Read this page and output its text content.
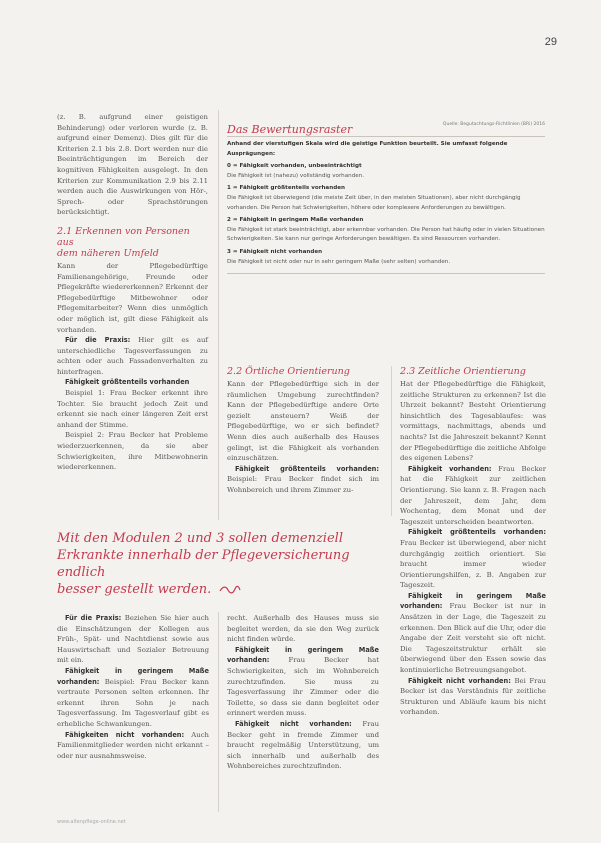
29

(z. B. aufgrund einer geistigen Behinderung) oder verloren wurde (z. B. aufgrund einer Demenz). Dies gilt für die Kriterien 2.1 bis 2.8. Dort werden nur die Beeinträchtigungen im Bereich der kognitiven Fähigkeiten ausgelegt. In den Kriterien zur Kommunikation 2.9 bis 2.11 werden auch die Auswirkungen von Hör-, Sprech- oder Sprachstörungen berücksichtigt.

2.1 Erkennen von Personen aus
dem näheren Umfeld

Kann der Pflegebedürftige Familienangehörige, Freunde oder Pflegekräfte wiedererkennen? Erkennt der Pflegebedürftige Mitbewohner oder Pflegemitarbeiter? Wenn dies unmöglich oder möglich ist, gilt diese Fähigkeit als vorhanden.

Für die Praxis: Hier gilt es auf unterschiedliche Tagesverfassungen zu achten oder auch Fassadenverhalten zu hinterfragen.

Fähigkeit größtenteils vorhanden

Beispiel 1: Frau Becker erkennt ihre Tochter. Sie braucht jedoch Zeit und erkennt sie nach einer längeren Zeit erst anhand der Stimme.

Beispiel 2: Frau Becker hat Probleme wiederzuerkennen, da sie aber Schwierigkeiten, ihre Mitbewohnerin wiedererkennen.

Das Bewertungsraster	Quelle: Begutachtungs-Richtlinien (BRi) 2016

Anhand der vierstufigen Skala wird die geistige Funktion beurteilt. Sie umfasst folgende Ausprägungen:

0 = Fähigkeit vorhanden, unbeeinträchtigt

Die Fähigkeit ist (nahezu) vollständig vorhanden.

1 = Fähigkeit größtenteils vorhanden

Die Fähigkeit ist überwiegend (die meiste Zeit über, in den meisten Situationen), aber nicht durchgängig vorhanden. Die Person hat Schwierigkeiten, höhere oder komplexere Anforderungen zu bewältigen.

2 = Fähigkeit in geringem Maße vorhanden

Die Fähigkeit ist stark beeinträchtigt, aber erkennbar vorhanden. Die Person hat häufig oder in vielen Situationen Schwierigkeiten. Sie kann nur geringe Anforderungen bewältigen. Es sind Ressourcen vorhanden.

3 = Fähigkeit nicht vorhanden

Die Fähigkeit ist nicht oder nur in sehr geringem Maße (sehr selten) vorhanden.

2.2 Örtliche Orientierung

Kann der Pflegebedürftige sich in der räumlichen Umgebung zurechtfinden? Kann der Pflegebedürftige andere Orte gezielt ansteuern? Weiß der Pflegebedürftige, wo er sich befindet? Wenn dies auch außerhalb des Hauses gelingt, ist die Fähigkeit als vorhanden einzuschätzen.

Fähigkeit größtenteils vorhanden: Beispiel: Frau Becker findet sich im Wohnbereich und ihrem Zimmer zu-

2.3 Zeitliche Orientierung

Hat der Pflegebedürftige die Fähigkeit, zeitliche Strukturen zu erkennen? Ist die Uhrzeit bekannt? Besteht Orientierung hinsichtlich des Tagesablaufes: was vormittags, nachmittags, abends und nachts? Ist die Jahreszeit bekannt? Kennt der Pflegebedürftige die zeitliche Abfolge des eigenen Lebens?

Fähigkeit vorhanden: Frau Becker hat die Fähigkeit zur zeitlichen Orientierung. Sie kann z. B. Fragen nach der Jahreszeit, dem Jahr, dem Wochentag, dem Monat und der Tageszeit unterscheiden beantworten.

Fähigkeit größtenteils vorhanden: Frau Becker ist überwiegend, aber nicht durchgängig zeitlich orientiert. Sie braucht immer wieder Orientierungshilfen, z. B. Angaben zur Tageszeit.

Fähigkeit in geringem Maße vorhanden: Frau Becker ist nur in Ansätzen in der Lage, die Tageszeit zu erkennen. Den Blick auf die Uhr, oder die Angabe der Zeit versteht sie oft nicht. Die Tageszeitstruktur erhält sie überwiegend über den Essen sowie das kontinuierliche Betreuungsangebot.

Fähigkeit nicht vorhanden: Bei Frau Becker ist das Verständnis für zeitliche Strukturen und Abläufe kaum bis nicht vorhanden.

Mit den Modulen 2 und 3 sollen demenziell
Erkrankte innerhalb der Pflegeversicherung endlich
besser gestellt werden.

Für die Praxis: Beziehen Sie hier auch die Einschätzungen der Kollegen aus Früh-, Spät- und Nachtdienst sowie aus Hauswirtschaft und Sozialer Betreuung mit ein.

Fähigkeit in geringem Maße vorhanden: Beispiel: Frau Becker kann vertraute Personen selten erkennen. Ihr erkennt ihren Sohn je nach Tagesverfassung. Im Tagesverlauf gibt es erhebliche Schwankungen.

Fähigkeiten nicht vorhanden: Auch Familienmitglieder werden nicht erkannt – oder nur ausnahmsweise.

recht. Außerhalb des Hauses muss sie begleitet werden, da sie den Weg zurück nicht finden würde.

Fähigkeit in geringem Maße vorhanden: Frau Becker hat Schwierigkeiten, sich im Wohnbereich zurechtzufinden. Sie muss zu Tagesverfassung ihr Zimmer oder die Toilette, so dass sie dann begleitet oder erinnert werden muss.

Fähigkeit nicht vorhanden: Frau Becker geht in fremde Zimmer und braucht regelmäßig Unterstützung, um sich innerhalb und außerhalb des Wohnbereiches zurechtzufinden.

www.altenpflege-online.net
